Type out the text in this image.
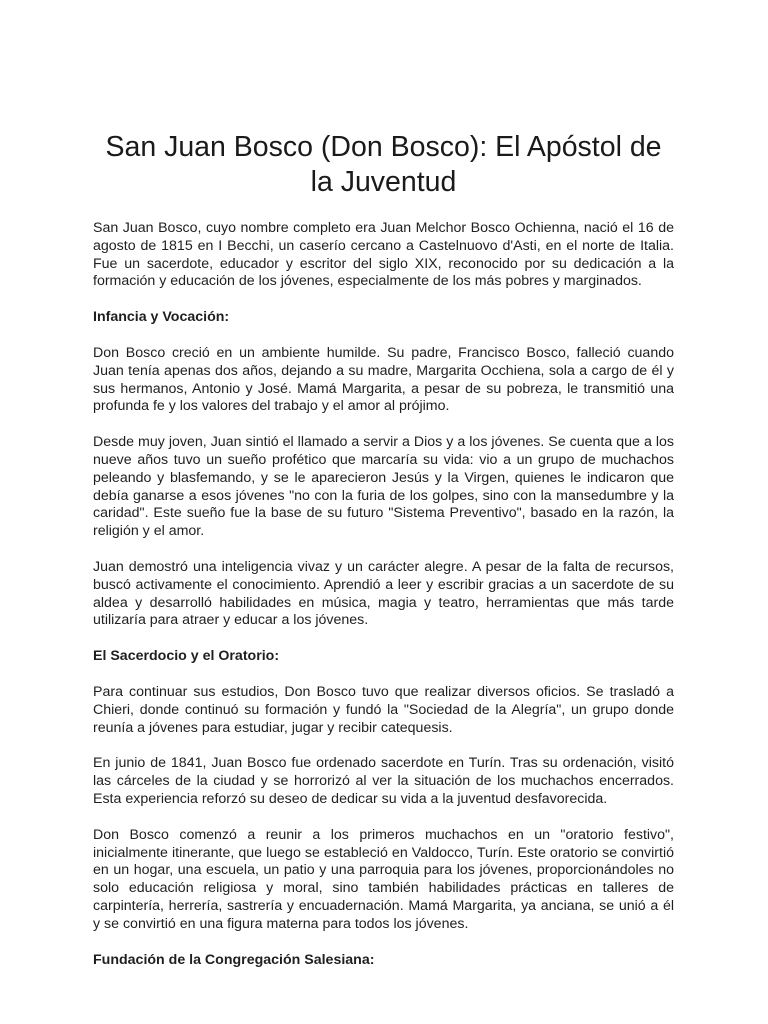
San Juan Bosco (Don Bosco): El Apóstol de la Juventud

San Juan Bosco, cuyo nombre completo era Juan Melchor Bosco Ochienna, nació el 16 de agosto de 1815 en I Becchi, un caserío cercano a Castelnuovo d'Asti, en el norte de Italia. Fue un sacerdote, educador y escritor del siglo XIX, reconocido por su dedicación a la formación y educación de los jóvenes, especialmente de los más pobres y marginados.

Infancia y Vocación:

Don Bosco creció en un ambiente humilde. Su padre, Francisco Bosco, falleció cuando Juan tenía apenas dos años, dejando a su madre, Margarita Occhiena, sola a cargo de él y sus hermanos, Antonio y José. Mamá Margarita, a pesar de su pobreza, le transmitió una profunda fe y los valores del trabajo y el amor al prójimo.

Desde muy joven, Juan sintió el llamado a servir a Dios y a los jóvenes. Se cuenta que a los nueve años tuvo un sueño profético que marcaría su vida: vio a un grupo de muchachos peleando y blasfemando, y se le aparecieron Jesús y la Virgen, quienes le indicaron que debía ganarse a esos jóvenes "no con la furia de los golpes, sino con la mansedumbre y la caridad". Este sueño fue la base de su futuro "Sistema Preventivo", basado en la razón, la religión y el amor.

Juan demostró una inteligencia vivaz y un carácter alegre. A pesar de la falta de recursos, buscó activamente el conocimiento. Aprendió a leer y escribir gracias a un sacerdote de su aldea y desarrolló habilidades en música, magia y teatro, herramientas que más tarde utilizaría para atraer y educar a los jóvenes.

El Sacerdocio y el Oratorio:

Para continuar sus estudios, Don Bosco tuvo que realizar diversos oficios. Se trasladó a Chieri, donde continuó su formación y fundó la "Sociedad de la Alegría", un grupo donde reunía a jóvenes para estudiar, jugar y recibir catequesis.

En junio de 1841, Juan Bosco fue ordenado sacerdote en Turín. Tras su ordenación, visitó las cárceles de la ciudad y se horrorizó al ver la situación de los muchachos encerrados. Esta experiencia reforzó su deseo de dedicar su vida a la juventud desfavorecida.

Don Bosco comenzó a reunir a los primeros muchachos en un "oratorio festivo", inicialmente itinerante, que luego se estableció en Valdocco, Turín. Este oratorio se convirtió en un hogar, una escuela, un patio y una parroquia para los jóvenes, proporcionándoles no solo educación religiosa y moral, sino también habilidades prácticas en talleres de carpintería, herrería, sastrería y encuadernación. Mamá Margarita, ya anciana, se unió a él y se convirtió en una figura materna para todos los jóvenes.

Fundación de la Congregación Salesiana:
